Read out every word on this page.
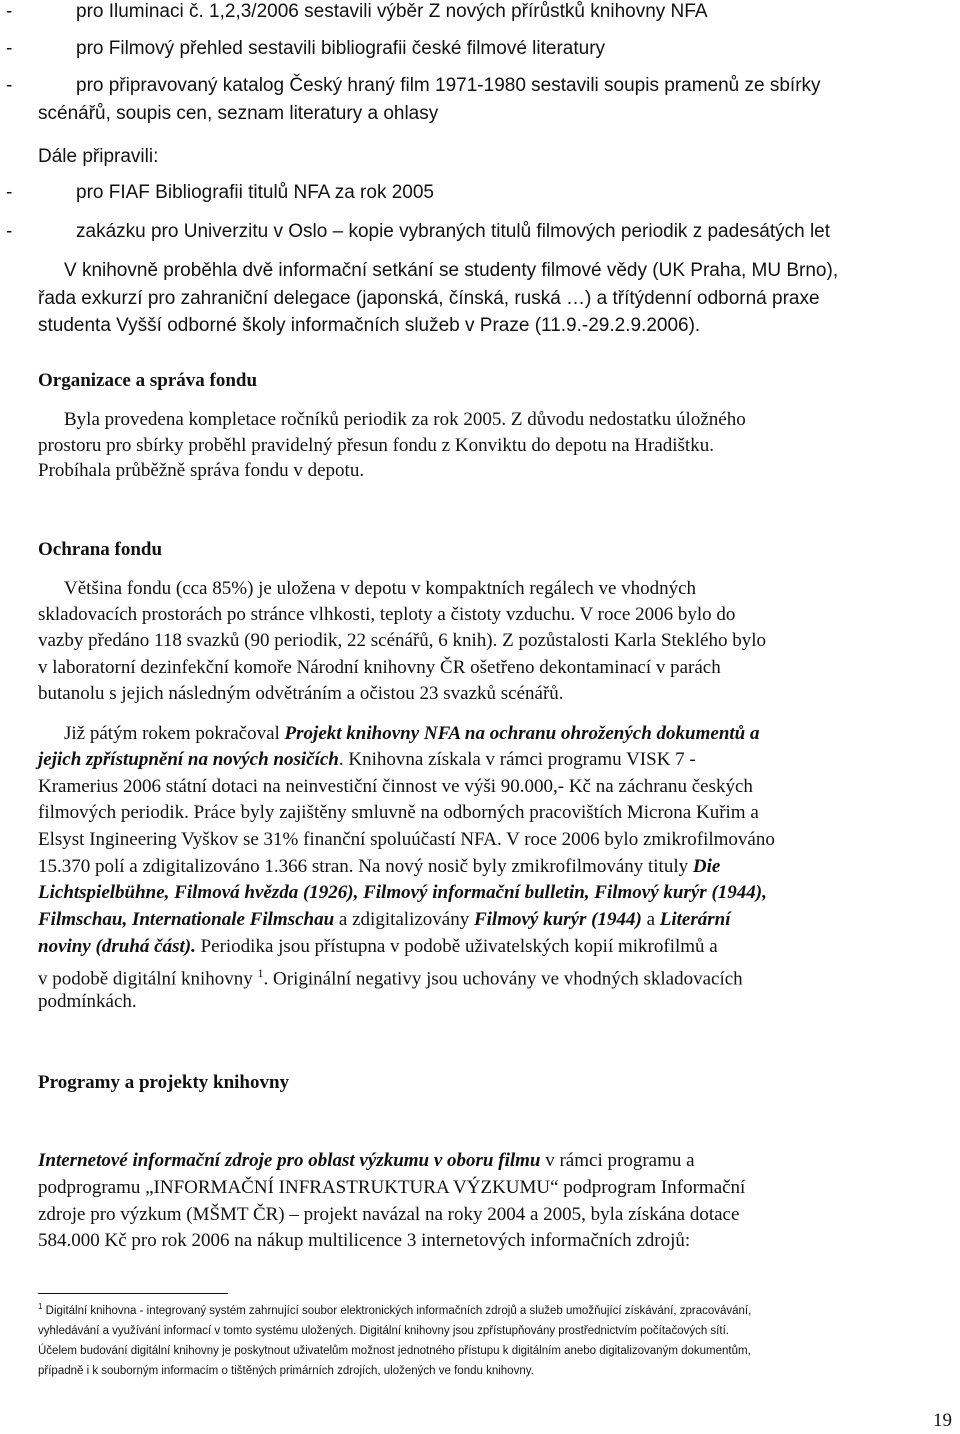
-	pro Iluminaci č. 1,2,3/2006 sestavili výběr Z nových přírůstků knihovny NFA
-	pro Filmový přehled sestavili bibliografii české filmové literatury
-	pro připravovaný katalog Český hraný film 1971-1980 sestavili soupis pramenů ze sbírky
scénářů, soupis cen, seznam literatury a ohlasy
Dále připravili:
-	pro FIAF Bibliografii titulů NFA za rok 2005
-	zakázku pro Univerzitu v Oslo – kopie vybraných titulů filmových periodik z padesátých let
V knihovně proběhla dvě informační setkání se studenty filmové vědy (UK Praha, MU Brno),
řada exkurzí pro zahraniční delegace (japonská, čínská, ruská …) a třítýdenní odborná praxe
studenta Vyšší odborné školy informačních služeb v Praze (11.9.-29.2.9.2006).
Organizace a správa fondu
Byla provedena kompletace ročníků periodik za rok 2005. Z důvodu nedostatku úložného
prostoru pro sbírky proběhl pravidelný přesun fondu z Konviktu do depotu na Hradištku.
Probíhala průběžně správa fondu v depotu.
Ochrana fondu
Většina fondu (cca 85%) je uložena v depotu v kompaktních regálech ve vhodných
skladovacích prostorách po stránce vlhkosti, teploty a čistoty vzduchu. V roce 2006 bylo do
vazby předáno 118 svazků (90 periodik, 22 scénářů, 6 knih). Z pozůstalosti Karla Steklého bylo
v laboratorní dezinfekční komoře Národní knihovny ČR ošetřeno dekontaminací v parách
butanolu s jejich následným odvětráním a očistou 23 svazků scénářů.
Již pátým rokem pokračoval Projekt knihovny NFA na ochranu ohrožených dokumentů a
jejich zpřístupnění na nových nosičích. Knihovna získala v rámci programu VISK 7 -
Kramerius 2006 státní dotaci na neinvestiční činnost ve výši 90.000,- Kč na záchranu českých
filmových periodik. Práce byly zajištěny smluvně na odborných pracovištích Microna Kuřim a
Elsyst Ingineering Vyškov se 31% finanční spoluúčastí NFA. V roce 2006 bylo zmikrofilmováno
15.370 polí a zdigitalizováno 1.366 stran. Na nový nosič byly zmikrofilmovány tituly Die
Lichtspielbühne, Filmová hvězda (1926), Filmový informační bulletin, Filmový kurýr (1944),
Filmschau, Internationale Filmschau a zdigitalizovány Filmový kurýr (1944) a Literární
noviny (druhá část). Periodika jsou přístupna v podobě uživatelských kopií mikrofilmů a
v podobě digitální knihovny $^1$. Originální negativy jsou uchovány ve vhodných skladovacích
podmínkách.
Programy a projekty knihovny
Internetové informační zdroje pro oblast výzkumu v oboru filmu v rámci programu a
podprogramu „INFORMAČNÍ INFRASTRUKTURA VÝZKUMU“ podprogram Informační
zdroje pro výzkum (MŠMT ČR) – projekt navázal na roky 2004 a 2005, byla získána dotace
584.000 Kč pro rok 2006 na nákup multilicence 3 internetových informačních zdrojů:
$^1$ Digitální knihovna - integrovaný systém zahrnující soubor elektronických informačních zdrojů a služeb umožňující získávání, zpracovávání,
vyhledávání a využívání informací v tomto systému uložených. Digitální knihovny jsou zpřístupňovány prostřednictvím počítačových sítí.
Účelem budování digitální knihovny je poskytnout uživatelům možnost jednotného přístupu k digitálním anebo digitalizovaným dokumentům,
případně i k souborným informacím o tištěných primárních zdrojích, uložených ve fondu knihovny.
19
